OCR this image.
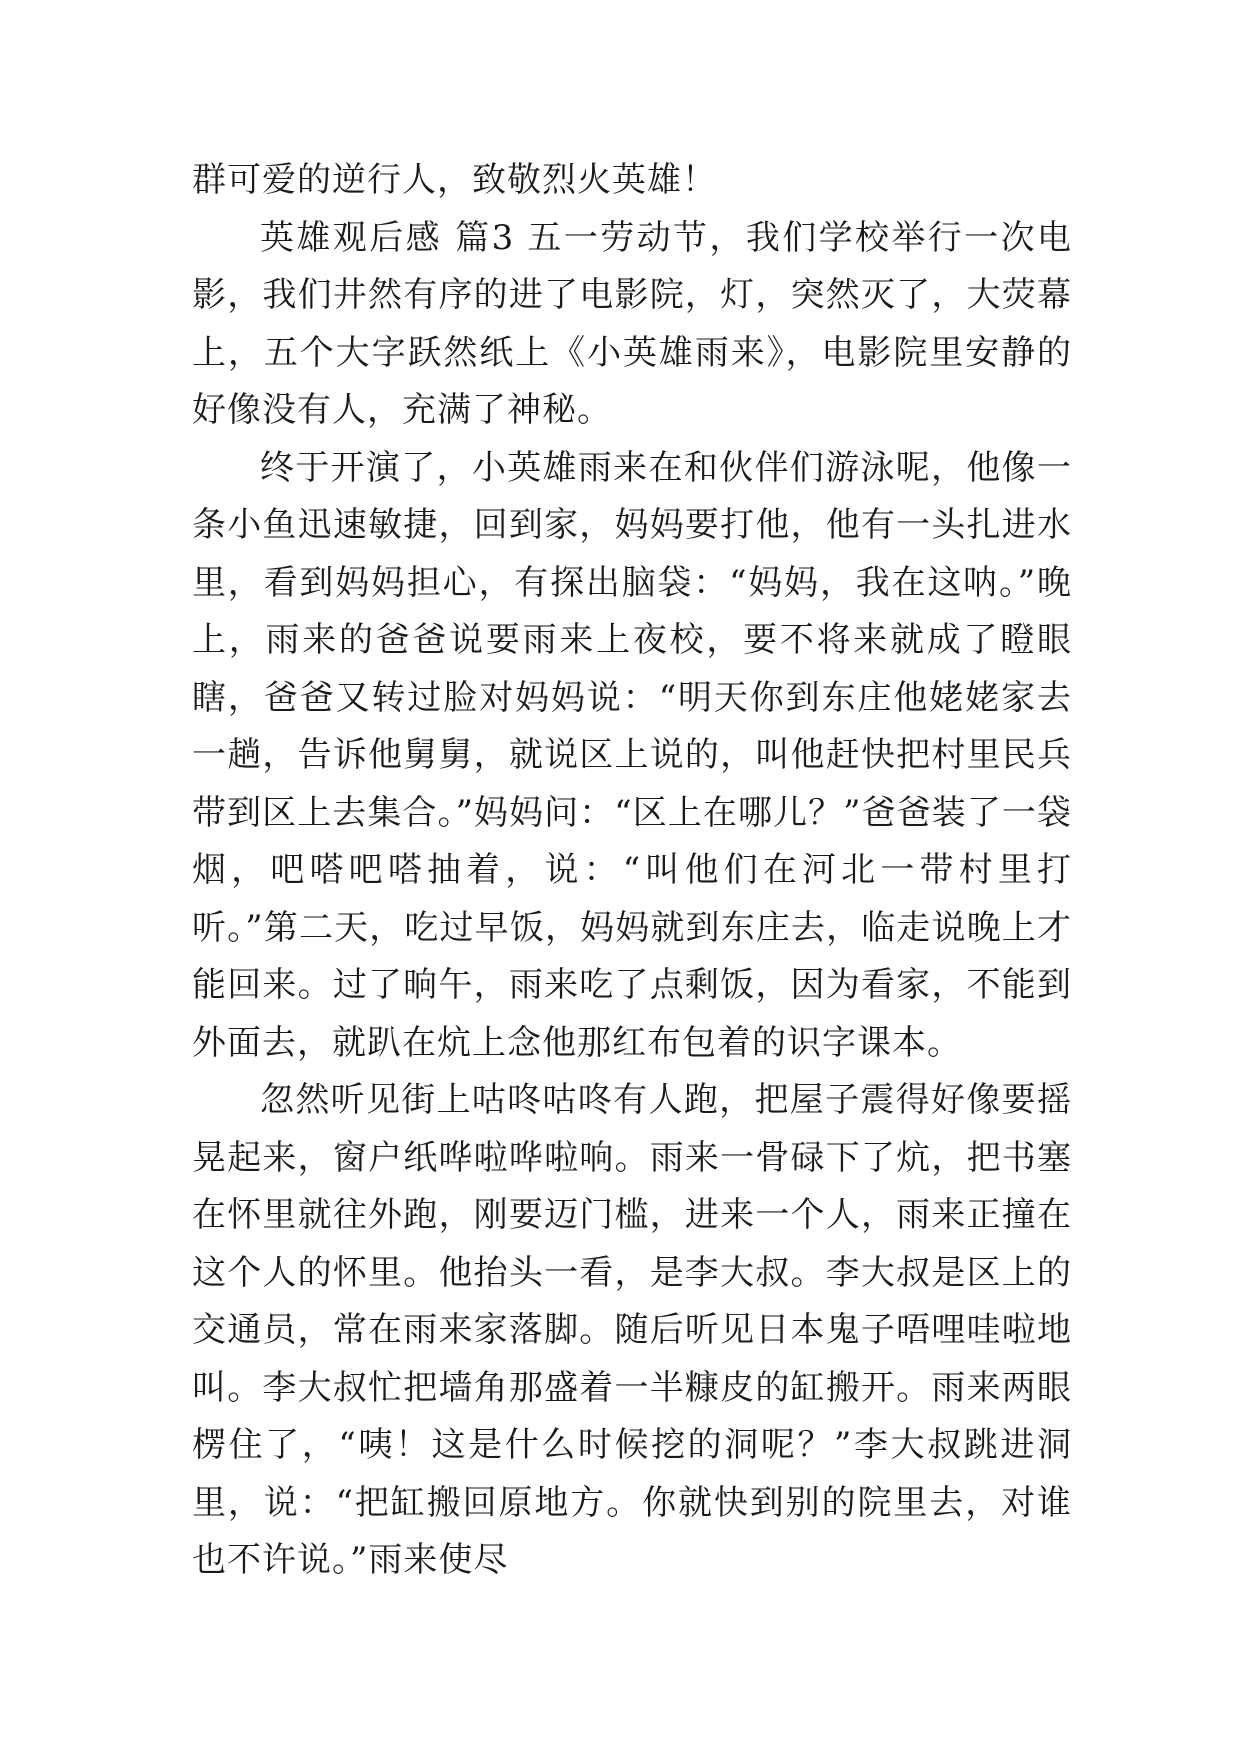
群可爱的逆行人，致敬烈火英雄！

英雄观后感 篇3 五一劳动节，我们学校举行一次电影，我们井然有序的进了电影院，灯，突然灭了，大荧幕上，五个大字跃然纸上《小英雄雨来》，电影院里安静的好像没有人，充满了神秘。

终于开演了，小英雄雨来在和伙伴们游泳呢，他像一条小鱼迅速敏捷，回到家，妈妈要打他，他有一头扎进水里，看到妈妈担心，有探出脑袋：“妈妈，我在这呐。”晚上，雨来的爸爸说要雨来上夜校，要不将来就成了瞪眼瞎，爸爸又转过脸对妈妈说：“明天你到东庄他姥姥家去一趟，告诉他舅舅，就说区上说的，叫他赶快把村里民兵带到区上去集合。”妈妈问：“区上在哪儿？”爸爸装了一袋烟，吧嗒吧嗒抽着，说：“叫他们在河北一带村里打听。”第二天，吃过早饭，妈妈就到东庄去，临走说晚上才能回来。过了晌午，雨来吃了点剩饭，因为看家，不能到外面去，就趴在炕上念他那红布包着的识字课本。

忽然听见街上咕咚咕咚有人跑，把屋子震得好像要摇晃起来，窗户纸哗啦哗啦响。雨来一骨碌下了炕，把书塞在怀里就往外跑，刚要迈门槛，进来一个人，雨来正撞在这个人的怀里。他抬头一看，是李大叔。李大叔是区上的交通员，常在雨来家落脚。随后听见日本鬼子唔哩哇啦地叫。李大叔忙把墙角那盛着一半糠皮的缸搬开。雨来两眼楞住了，“咦！这是什么时候挖的洞呢？”李大叔跳进洞里，说：“把缸搬回原地方。你就快到别的院里去，对谁也不许说。”雨来使尽
